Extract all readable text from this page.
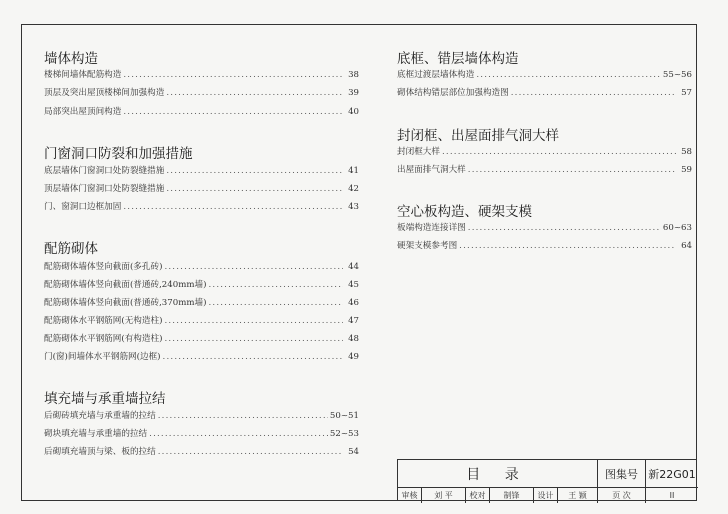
墙体构造
楼梯间墙体配筋构造 .....	38
顶层及突出屋顶楼梯间加强构造 .....	39
局部突出屋顶间构造 .....	40
门窗洞口防裂和加强措施
底层墙体门窗洞口处防裂缝措施 .....	41
顶层墙体门窗洞口处防裂缝措施 .....	42
门、窗洞口边框加固 .....	43
配筋砌体
配筋砌体墙体竖向截面(多孔砖) .....	44
配筋砌体墙体竖向截面(普通砖,240mm墙) .....	45
配筋砌体墙体竖向截面(普通砖,370mm墙) .....	46
配筋砌体水平钢筋网(无构造柱) .....	47
配筋砌体水平钢筋网(有构造柱) .....	48
门(窗)间墙体水平钢筋网(边框) .....	49
填充墙与承重墙拉结
后砌砖填充墙与承重墙的拉结 .....	50~51
砌块填充墙与承重墙的拉结 .....	52~53
后砌填充墙顶与梁、板的拉结 .....	54
底框、错层墙体构造
底框过渡层墙体构造 .....	55~56
砌体结构错层部位加强构造图 .....	57
封闭框、出屋面排气洞大样
封闭框大样 .....	58
出屋面排气洞大样 .....	59
空心板构造、硬架支模
板端构造连接详图 .....	60~63
硬架支模参考图 .....	64
目 录	图集号 新22G01
审核	刘 平	校对	制锋	设计	王 颖	页 次	II
